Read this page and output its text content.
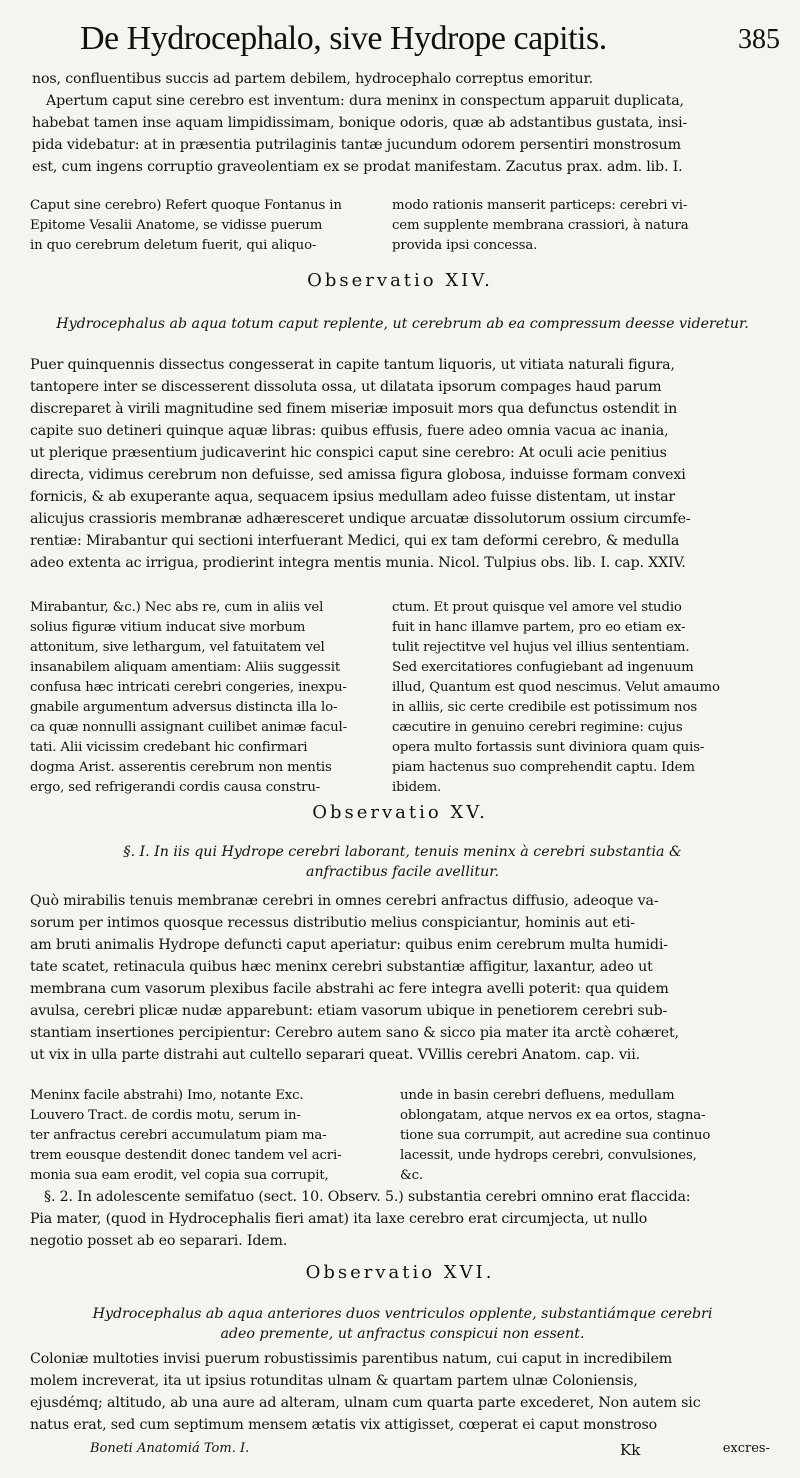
De Hydrocephalo, sive Hydrope capitis.	385
nos, confluentibus succis ad partem debilem, hydrocephalo correptus emoritur.
Apertum caput sine cerebro est inventum: dura meninx in conspectum apparuit duplicata,
habebat tamen inse aquam limpidissimam, bonique odoris, quæ ab adstantibus gustata, insi-
pida videbatur: at in præsentia putrilaginis tantæ jucundum odorem persentiri monstrosum
est, cum ingens corruptio graveolentiam ex se prodat manifestam. Zacutus prax. adm. lib. I.
Caput sine cerebro) Refert quoque Fontanus in
Epitome Vesalii Anatome, se vidisse puerum
in quo cerebrum deletum fuerit, qui aliquo-
modo rationis manserit particeps: cerebri vi-
cem supplente membrana crassiori, à natura
provida ipsi concessa.
Observatio XIV.
Hydrocephalus ab aqua totum caput replente, ut cerebrum ab ea compressum deesse videretur.
Puer quinquennis dissectus congesserat in capite tantum liquoris, ut vitiata naturali figura,
tantopere inter se discesserent dissoluta ossa, ut dilatata ipsorum compages haud parum
discreparet à virili magnitudine sed finem miseriæ imposuit mors qua defunctus ostendit in
capite suo detineri quinque aquæ libras: quibus effusis, fuere adeo omnia vacua ac inania,
ut plerique præsentium judicaverint hic conspici caput sine cerebro: At oculi acie penitius
directa, vidimus cerebrum non defuisse, sed amissa figura globosa, induisse formam convexi
fornicis, & ab exuperante aqua, sequacem ipsius medullam adeo fuisse distentam, ut instar
alicujus crassioris membranæ adhæresceret undique arcuatæ dissolutorum ossium circumfe-
rentiæ: Mirabantur qui sectioni interfuerant Medici, qui ex tam deformi cerebro, & medulla
adeo extenta ac irrigua, prodierint integra mentis munia. Nicol. Tulpius obs. lib. I. cap. XXIV.
Mirabantur, &c.) Nec abs re, cum in aliis vel
solius figuræ vitium inducat sive morbum
attonitum, sive lethargum, vel fatuitatem vel
insanabilem aliquam amentiam: Aliis suggessit
confusa hæc intricati cerebri congeries, inexpu-
gnabile argumentum adversus distincta illa lo-
ca quæ nonnulli assignant cuilibet animæ facul-
tati. Alii vicissim credebant hic confirmari
dogma Arist. asserentis cerebrum non mentis
ergo, sed refrigerandi cordis causa constru-
ctum. Et prout quisque vel amore vel studio
fuit in hanc illamve partem, pro eo etiam ex-
tulit rejectitve vel hujus vel illius sententiam.
Sed exercitatiores confugiebant ad ingenuum
illud, Quantum est quod nescimus. Velut amaumo
in alliis, sic certe credibile est potissimum nos
cæcutire in genuino cerebri regimine: cujus
opera multo fortassis sunt diviniora quam quis-
piam hactenus suo comprehendit captu. Idem
ibidem.
Observatio XV.
§. I. In iis qui Hydrope cerebri laborant, tenuis meninx à cerebri substantia &
anfractibus facile avellitur.
Quò mirabilis tenuis membranæ cerebri in omnes cerebri anfractus diffusio, adeoque va-
sorum per intimos quosque recessus distributio melius conspiciantur, hominis aut eti-
am bruti animalis Hydrope defuncti caput aperiatur: quibus enim cerebrum multa humidi-
tate scatet, retinacula quibus hæc meninx cerebri substantiæ affigitur, laxantur, adeo ut
membrana cum vasorum plexibus facile abstrahi ac fere integra avelli poterit: qua quidem
avulsa, cerebri plicæ nudæ apparebunt: etiam vasorum ubique in penetiorem cerebri sub-
stantiam insertiones percipientur: Cerebro autem sano & sicco pia mater ita arctè cohæret,
ut vix in ulla parte distrahi aut cultello separari queat. VVillis cerebri Anatom. cap. vii.
Meninx facile abstrahi) Imo, notante Exc.
Louvero Tract. de cordis motu, serum in-
ter anfractus cerebri accumulatum piam ma-
trem eousque destendit donec tandem vel acri-
monia sua eam erodit, vel copia sua corrupit,
unde in basin cerebri defluens, medullam
oblongatam, atque nervos ex ea ortos, stagna-
tione sua corrumpit, aut acredine sua continuo
lacessit, unde hydrops cerebri, convulsiones,
&c.
§. 2. In adolescente semifatuo (sect. 10. Observ. 5.) substantia cerebri omnino erat flaccida:
Pia mater, (quod in Hydrocephalis fieri amat) ita laxe cerebro erat circumjecta, ut nullo
negotio posset ab eo separari. Idem.
Observatio XVI.
Hydrocephalus ab aqua anteriores duos ventriculos opplente, substantiámque cerebri
adeo premente, ut anfractus conspicui non essent.
Coloniæ multoties invisi puerum robustissimis parentibus natum, cui caput in incredibilem
molem increverat, ita ut ipsius rotunditas ulnam & quartam partem ulnæ Coloniensis,
ejusdémq; altitudo, ab una aure ad alteram, ulnam cum quarta parte excederet, Non autem sic
natus erat, sed cum septimum mensem ætatis vix attigisset, cœperat ei caput monstroso
Boneti Anatomiá Tom. I.	Kk	excres-
